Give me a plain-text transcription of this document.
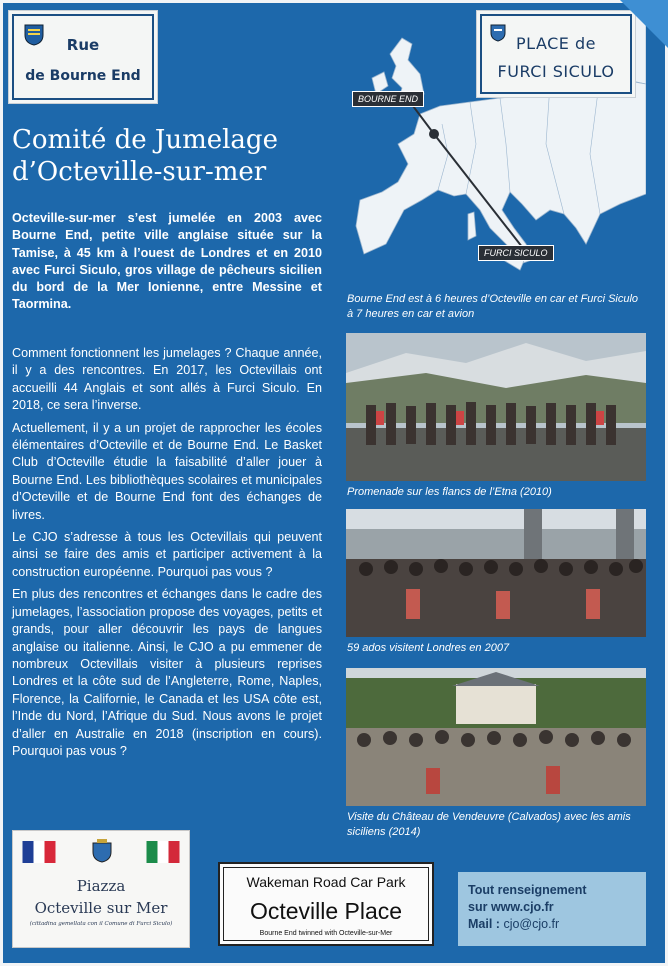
Rue
de Bourne End
BOURNE END
FURCI SICULO
PLACE de
FURCI SICULO
Comité de Jumelage
d’Octeville-sur-mer
Octeville-sur-mer s’est jumelée en 2003 avec Bourne End, petite ville anglaise située sur la Tamise, à 45 km à l’ouest de Londres et en 2010 avec Furci Siculo, gros village de pêcheurs sicilien du bord de la Mer Ionienne, entre Messine et Taormina.

Comment fonctionnent les jumelages ? Chaque année, il y a des rencontres. En 2017, les Octevillais ont accueilli 44 Anglais et sont allés à Furci Siculo. En 2018, ce sera l’inverse.

Actuellement, il y a un projet de rapprocher les écoles élémentaires d’Octeville et de Bourne End. Le Basket Club d’Octeville étudie la faisabilité d’aller jouer à Bourne End. Les bibliothèques scolaires et municipales d’Octeville et de Bourne End font des échanges de livres.

Le CJO s’adresse à tous les Octevillais qui peuvent ainsi se faire des amis et participer activement à la construction européenne. Pourquoi pas vous ?

En plus des rencontres et échanges dans le cadre des jumelages, l’association propose des voyages, petits et grands, pour aller découvrir les pays de langues anglaise ou italienne. Ainsi, le CJO a pu emmener de nombreux Octevillais visiter à plusieurs reprises Londres et la côte sud de l’Angleterre, Rome, Naples, Florence, la Californie, le Canada et les USA côte est, l’Inde du Nord, l’Afrique du Sud. Nous avons le projet d’aller en Australie en 2018 (inscription en cours). Pourquoi pas vous ?

Bourne End est à 6 heures d’Octeville en car et Furci Siculo à 7 heures en car et avion
Promenade sur les flancs de l’Etna (2010)
59 ados visitent Londres en 2007
Visite du Château de Vendeuvre (Calvados) avec les amis siciliens (2014)
Piazza
Octeville sur Mer
(cittadina gemellata con il Comune di Furci Siculo)
Wakeman Road Car Park
Octeville Place
Bourne End twinned with Octeville-sur-Mer
Tout renseignement
sur www.cjo.fr
Mail : cjo@cjo.fr
